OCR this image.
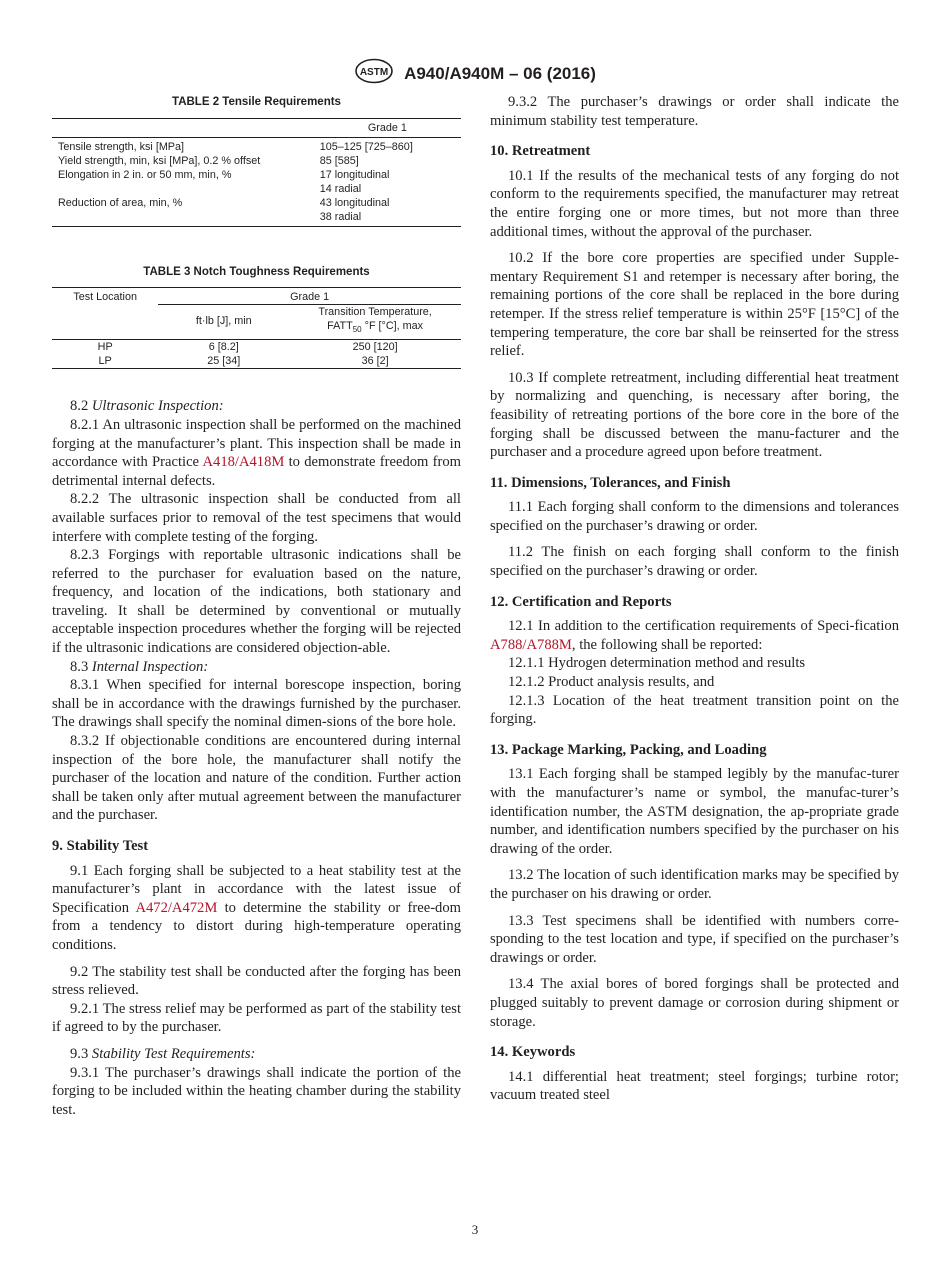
ASTM A940/A940M – 06 (2016)
TABLE 2 Tensile Requirements
	Grade 1
Tensile strength, ksi [MPa]	105–125 [725–860]
Yield strength, min, ksi [MPa], 0.2 % offset	85 [585]
Elongation in 2 in. or 50 mm, min, %	17 longitudinal
	14 radial
Reduction of area, min, %	43 longitudinal
	38 radial
TABLE 3 Notch Toughness Requirements
Test Location	Grade 1	
	ft·lb [J], min	Transition Temperature,
$FATT_{50}$ °F [°C], max
HP	6 [8.2]	250 [120]
LP	25 [34]	36 [2]

8.2 Ultrasonic Inspection:

8.2.1 An ultrasonic inspection shall be performed on the machined forging at the manufacturer’s plant. This inspection shall be made in accordance with Practice A418/A418M to demonstrate freedom from detrimental internal defects.

8.2.2 The ultrasonic inspection shall be conducted from all available surfaces prior to removal of the test specimens that would interfere with complete testing of the forging.

8.2.3 Forgings with reportable ultrasonic indications shall be referred to the purchaser for evaluation based on the nature, frequency, and location of the indications, both stationary and traveling. It shall be determined by conventional or mutually acceptable inspection procedures whether the forging will be rejected if the ultrasonic indications are considered objection-able.

8.3 Internal Inspection:

8.3.1 When specified for internal borescope inspection, boring shall be in accordance with the drawings furnished by the purchaser. The drawings shall specify the nominal dimen-sions of the bore hole.

8.3.2 If objectionable conditions are encountered during internal inspection of the bore hole, the manufacturer shall notify the purchaser of the location and nature of the condition. Further action shall be taken only after mutual agreement between the manufacturer and the purchaser.

9. Stability Test

9.1 Each forging shall be subjected to a heat stability test at the manufacturer’s plant in accordance with the latest issue of Specification A472/A472M to determine the stability or free-dom from a tendency to distort during high-temperature operating conditions.

9.2 The stability test shall be conducted after the forging has been stress relieved.

9.2.1 The stress relief may be performed as part of the stability test if agreed to by the purchaser.

9.3 Stability Test Requirements:

9.3.1 The purchaser’s drawings shall indicate the portion of the forging to be included within the heating chamber during the stability test.

9.3.2 The purchaser’s drawings or order shall indicate the minimum stability test temperature.

10. Retreatment

10.1 If the results of the mechanical tests of any forging do not conform to the requirements specified, the manufacturer may retreat the entire forging one or more times, but not more than three additional times, without the approval of the purchaser.

10.2 If the bore core properties are specified under Supple-mentary Requirement S1 and retemper is necessary after boring, the remaining portions of the core shall be replaced in the bore during retemper. If the stress relief temperature is within 25°F [15°C] of the tempering temperature, the core bar shall be reinserted for the stress relief.

10.3 If complete retreatment, including differential heat treatment by normalizing and quenching, is necessary after boring, the feasibility of retreating portions of the bore core in the bore of the forging shall be discussed between the manu-facturer and the purchaser and a procedure agreed upon before treatment.

11. Dimensions, Tolerances, and Finish

11.1 Each forging shall conform to the dimensions and tolerances specified on the purchaser’s drawing or order.

11.2 The finish on each forging shall conform to the finish specified on the purchaser’s drawing or order.

12. Certification and Reports

12.1 In addition to the certification requirements of Speci-fication A788/A788M, the following shall be reported:

12.1.1 Hydrogen determination method and results

12.1.2 Product analysis results, and

12.1.3 Location of the heat treatment transition point on the forging.

13. Package Marking, Packing, and Loading

13.1 Each forging shall be stamped legibly by the manufac-turer with the manufacturer’s name or symbol, the manufac-turer’s identification number, the ASTM designation, the ap-propriate grade number, and identification numbers specified by the purchaser on his drawing of the order.

13.2 The location of such identification marks may be specified by the purchaser on his drawing or order.

13.3 Test specimens shall be identified with numbers corre-sponding to the test location and type, if specified on the purchaser’s drawings or order.

13.4 The axial bores of bored forgings shall be protected and plugged suitably to prevent damage or corrosion during shipment or storage.

14. Keywords

14.1 differential heat treatment; steel forgings; turbine rotor; vacuum treated steel

3
